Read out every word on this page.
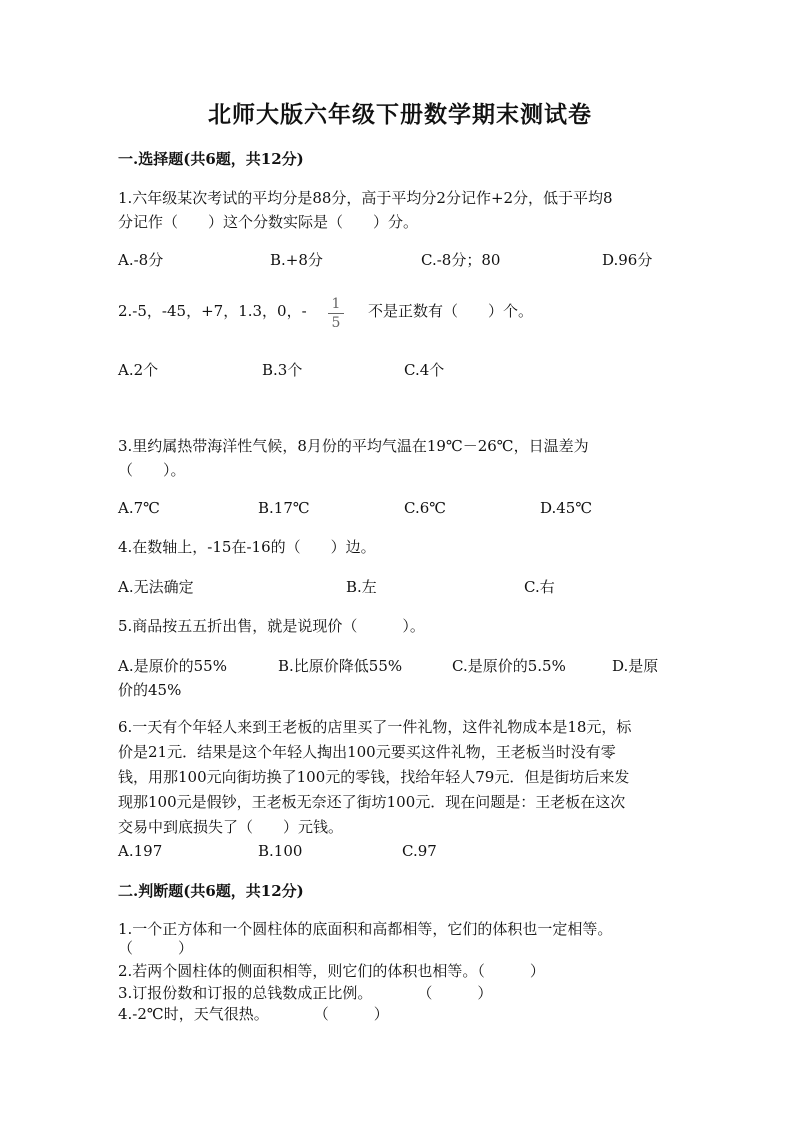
北师大版六年级下册数学期末测试卷
一.选择题(共6题，共12分)
1.六年级某次考试的平均分是88分，高于平均分2分记作+2分，低于平均8
分记作（　　）这个分数实际是（　　）分。
A.-8分	B.+8分	C.-8分；80	D.96分
2.-5，-45，+7，1.3，0，-	1
5
不是正数有（　　）个。
A.2个	B.3个	C.4个
3.里约属热带海洋性气候，8月份的平均气温在19℃－26℃，日温差为
（　　）。
A.7℃	B.17℃	C.6℃	D.45℃
4.在数轴上，-15在-16的（　　）边。
A.无法确定	B.左	C.右
5.商品按五五折出售，就是说现价（　　　）。
A.是原价的55%	B.比原价降低55%	C.是原价的5.5%	D.是原
价的45%
6.一天有个年轻人来到王老板的店里买了一件礼物，这件礼物成本是18元，标
价是21元．结果是这个年轻人掏出100元要买这件礼物，王老板当时没有零
钱，用那100元向街坊换了100元的零钱，找给年轻人79元．但是街坊后来发
现那100元是假钞，王老板无奈还了街坊100元．现在问题是：王老板在这次
交易中到底损失了（　　）元钱。
A.197	B.100	C.97
二.判断题(共6题，共12分)
1.一个正方体和一个圆柱体的底面积和高都相等，它们的体积也一定相等。
（　　　）
2.若两个圆柱体的侧面积相等，则它们的体积也相等。（　　　）
3.订报份数和订报的总钱数成正比例。　　　　（　　　）
4.-2℃时，天气很热。　　　　（　　　）
